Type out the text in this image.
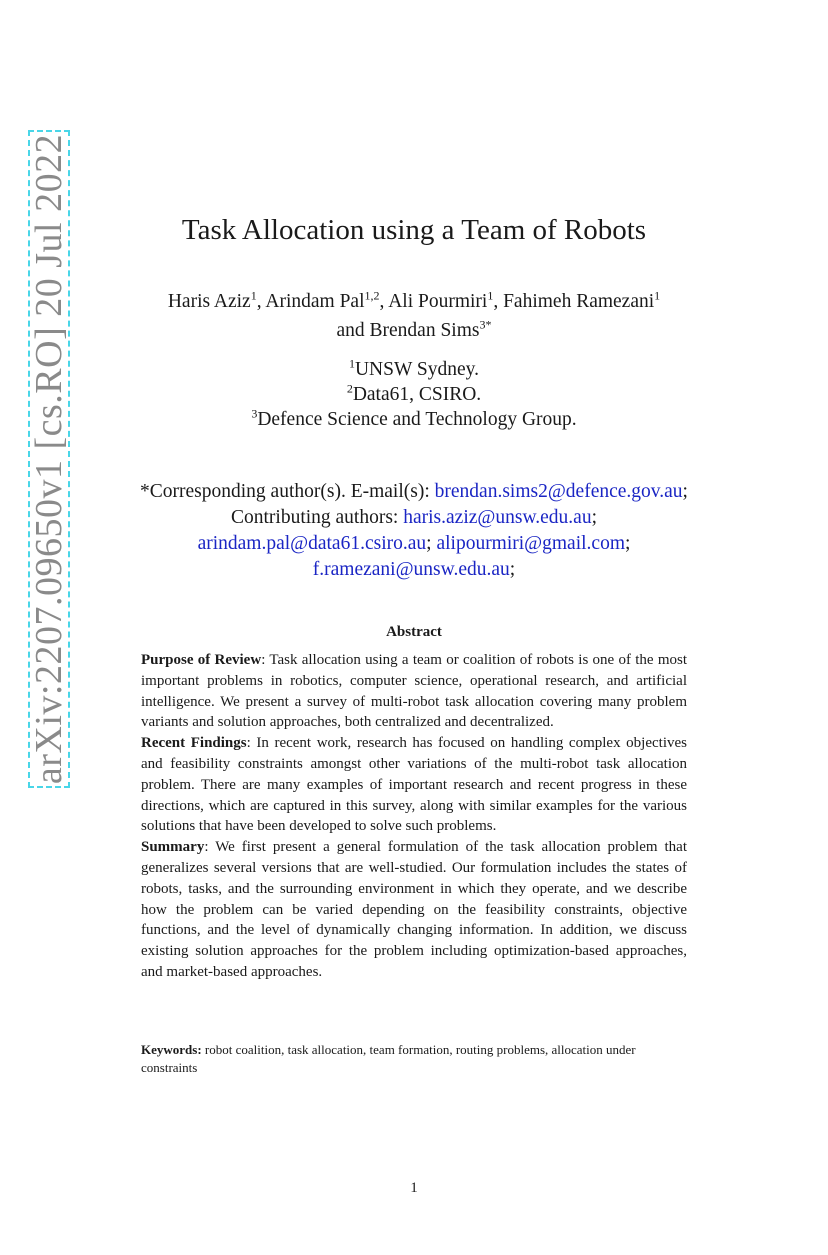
arXiv:2207.09650v1 [cs.RO] 20 Jul 2022	Task Allocation using a Team of Robots
Haris Aziz$^1$, Arindam Pal$^{1,2}$, Ali Pourmiri$^1$, Fahimeh Ramezani$^1$
and Brendan Sims$^{3*}$
$^1$UNSW Sydney.
$^2$Data61, CSIRO.
$^3$Defence Science and Technology Group.
*Corresponding author(s). E-mail(s): brendan.sims2@defence.gov.au;
Contributing authors: haris.aziz@unsw.edu.au;
arindam.pal@data61.csiro.au; alipourmiri@gmail.com;
f.ramezani@unsw.edu.au;
Abstract

Purpose of Review: Task allocation using a team or coalition of robots is one of the most important problems in robotics, computer science, operational research, and artificial intelligence. We present a survey of multi-robot task allocation covering many problem variants and solution approaches, both centralized and decentralized.

Recent Findings: In recent work, research has focused on handling complex objectives and feasibility constraints amongst other variations of the multi-robot task allocation problem. There are many examples of important research and recent progress in these directions, which are captured in this survey, along with similar examples for the various solutions that have been developed to solve such problems.

Summary: We first present a general formulation of the task allocation problem that generalizes several versions that are well-studied. Our formulation includes the states of robots, tasks, and the surrounding environment in which they operate, and we describe how the problem can be varied depending on the feasibility constraints, objective functions, and the level of dynamically changing information. In addition, we discuss existing solution approaches for the problem including optimization-based approaches, and market-based approaches.

Keywords: robot coalition, task allocation, team formation, routing problems, allocation under constraints
1
